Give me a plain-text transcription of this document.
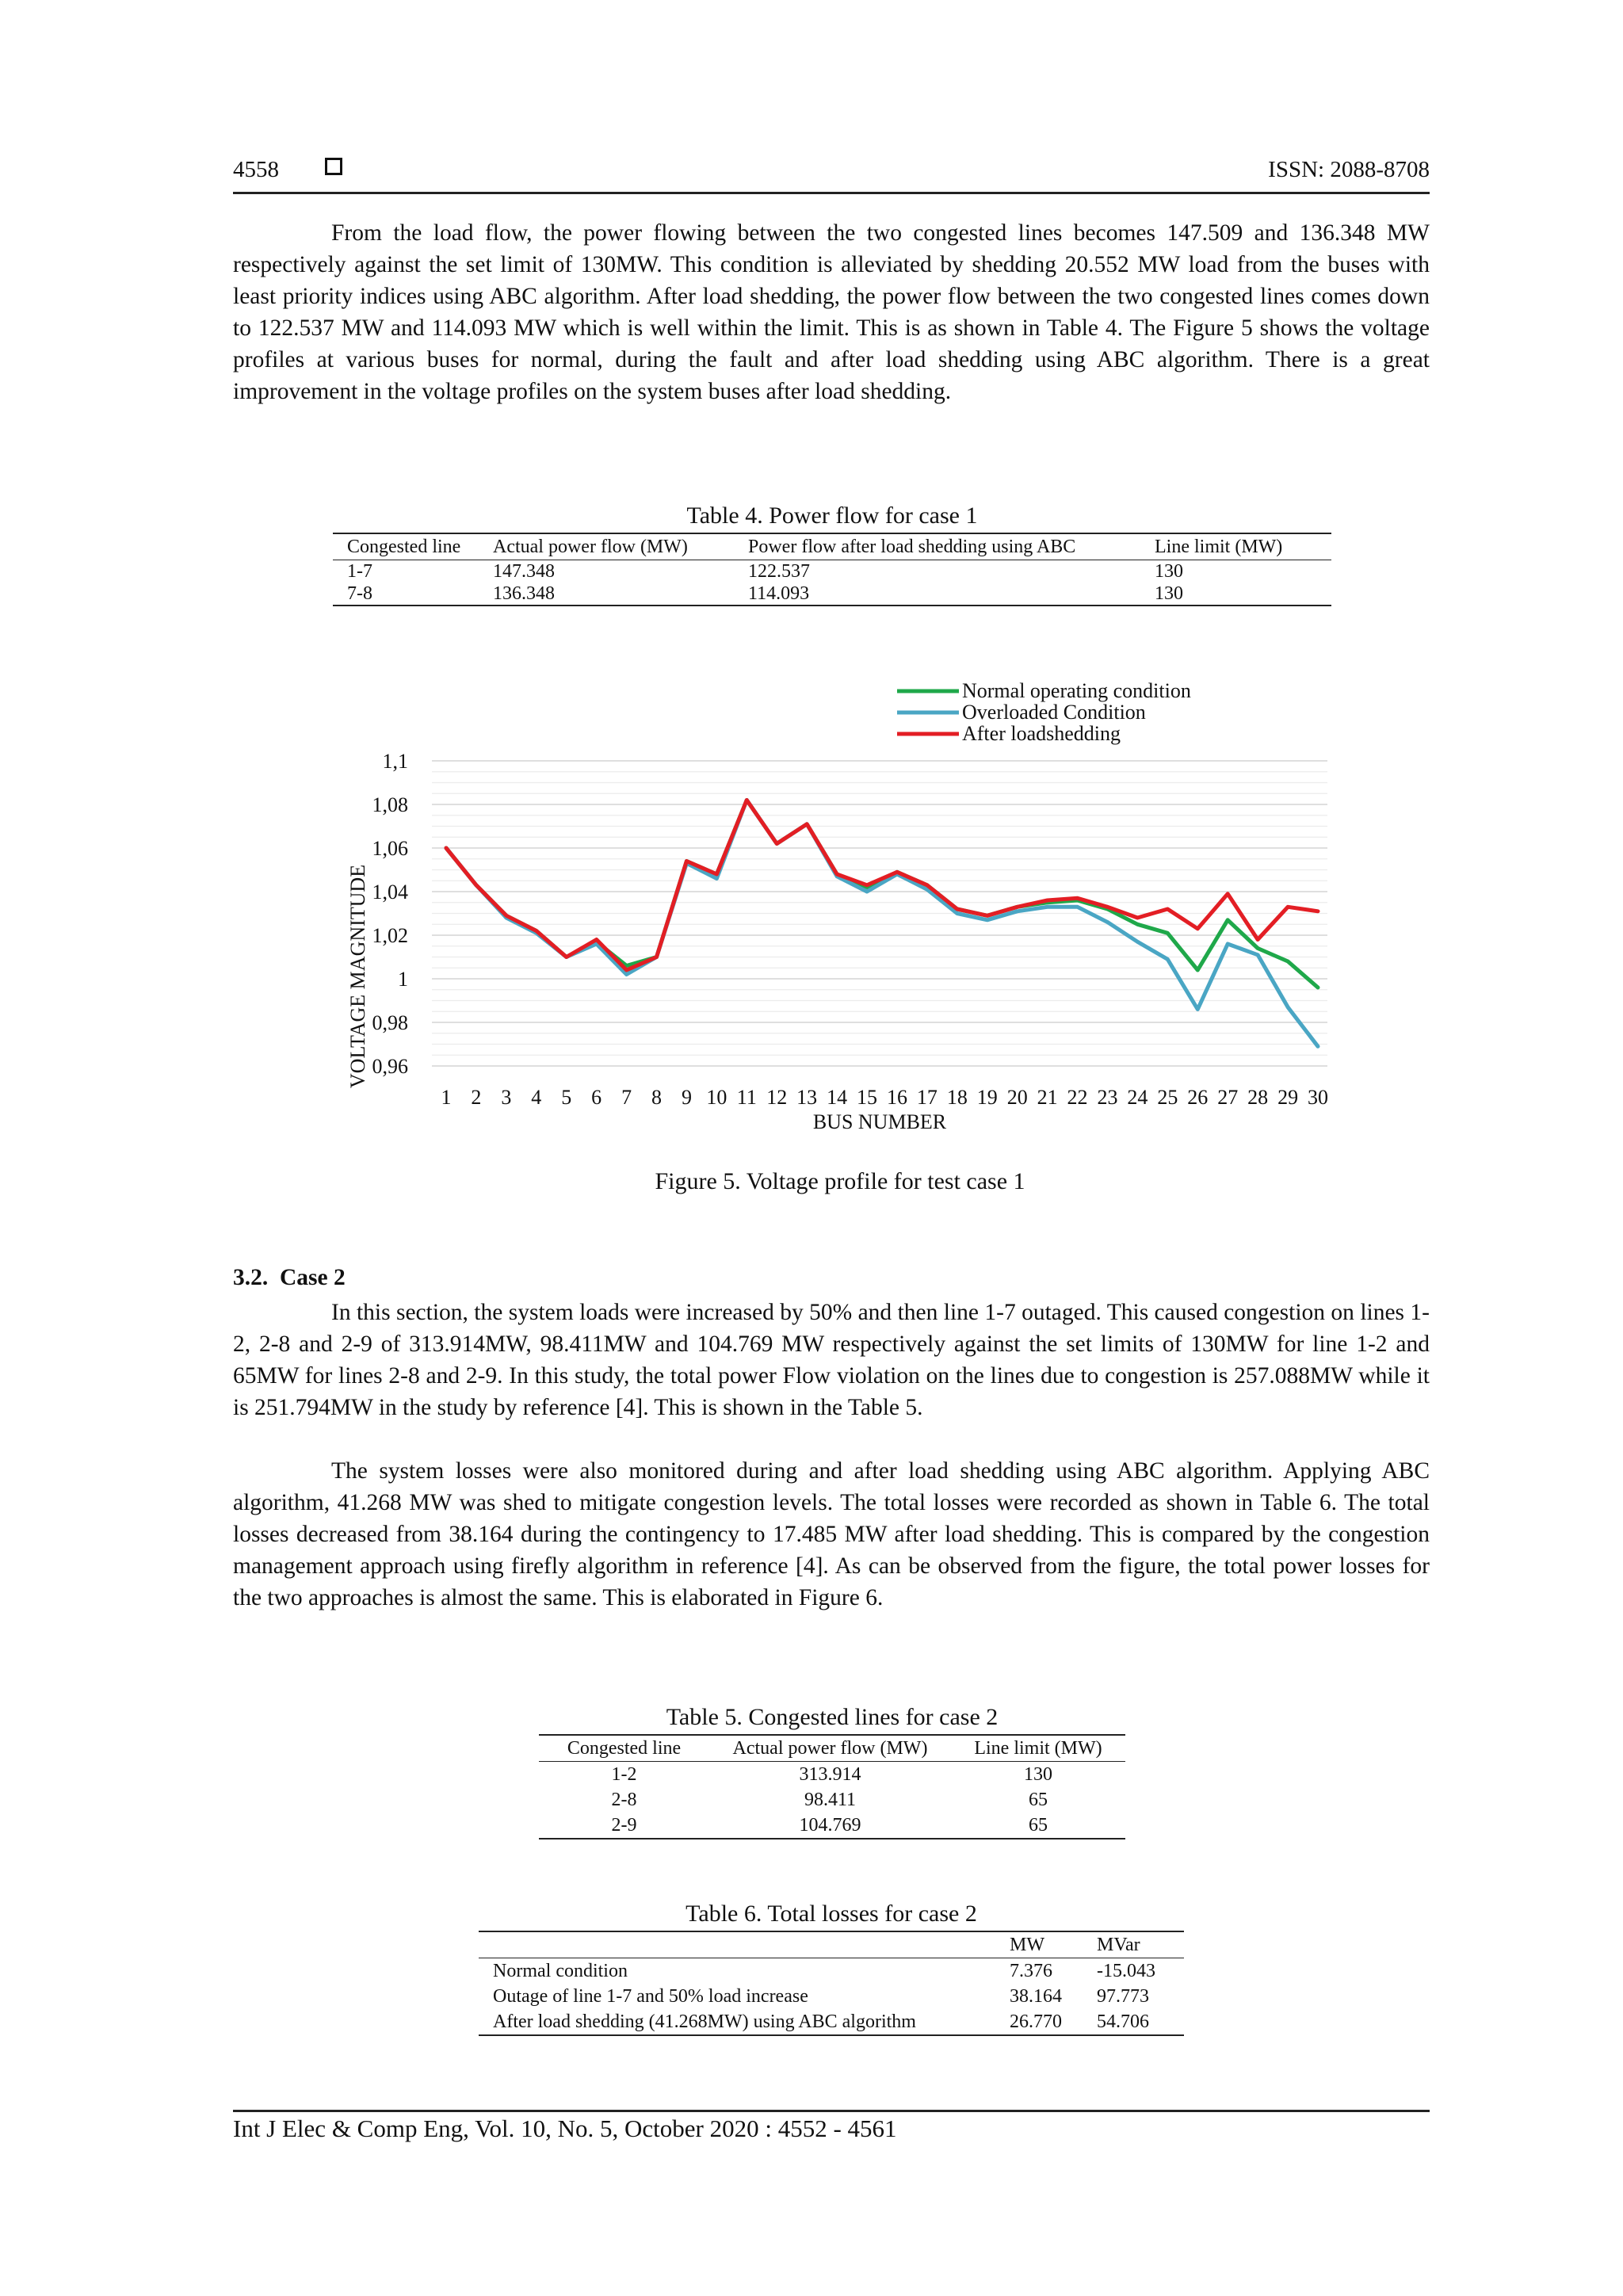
4558	ISSN: 2088-8708
From the load flow, the power flowing between the two congested lines becomes 147.509 and 136.348 MW respectively against the set limit of 130MW. This condition is alleviated by shedding 20.552 MW load from the buses with least priority indices using ABC algorithm. After load shedding, the power flow between the two congested lines comes down to 122.537 MW and 114.093 MW which is well within the limit. This is as shown in Table 4. The Figure 5 shows the voltage profiles at various buses for normal, during the fault and after load shedding using ABC algorithm. There is a great improvement in the voltage profiles on the system buses after load shedding.
Table 4. Power flow for case 1
Congested line	Actual power flow (MW)	Power flow after load shedding using ABC	Line limit (MW)
1-7	147.348	122.537	130
7-8	136.348	114.093	130
0,96
0,98
1
1,02
1,04
1,06
1,08
1,1
1 2 3 4 5 6 7 8 9 10 11 12 13 14 15 16 17 18 19 20 21 22 23 24 25 26 27 28 29 30
Normal operating condition
Overloaded Condition
After loadshedding
VOLTAGE MAGNITUDE
BUS NUMBER
Figure 5. Voltage profile for test case 1
3.2. Case 2
In this section, the system loads were increased by 50% and then line 1-7 outaged. This caused congestion on lines 1-2, 2-8 and 2-9 of 313.914MW, 98.411MW and 104.769 MW respectively against the set limits of 130MW for line 1-2 and 65MW for lines 2-8 and 2-9. In this study, the total power Flow violation on the lines due to congestion is 257.088MW while it is 251.794MW in the study by reference [4]. This is shown in the Table 5.
The system losses were also monitored during and after load shedding using ABC algorithm. Applying ABC algorithm, 41.268 MW was shed to mitigate congestion levels. The total losses were recorded as shown in Table 6. The total losses decreased from 38.164 during the contingency to 17.485 MW after load shedding. This is compared by the congestion management approach using firefly algorithm in reference [4]. As can be observed from the figure, the total power losses for the two approaches is almost the same. This is elaborated in Figure 6.
Table 5. Congested lines for case 2
Congested line	Actual power flow (MW)	Line limit (MW)
1-2	313.914	130
2-8	98.411	65
2-9	104.769	65
Table 6. Total losses for case 2
	MW	MVar
Normal condition	7.376	-15.043
Outage of line 1-7 and 50% load increase	38.164	97.773
After load shedding (41.268MW) using ABC algorithm	26.770	54.706
Int J Elec & Comp Eng, Vol. 10, No. 5, October 2020 : 4552 - 4561
